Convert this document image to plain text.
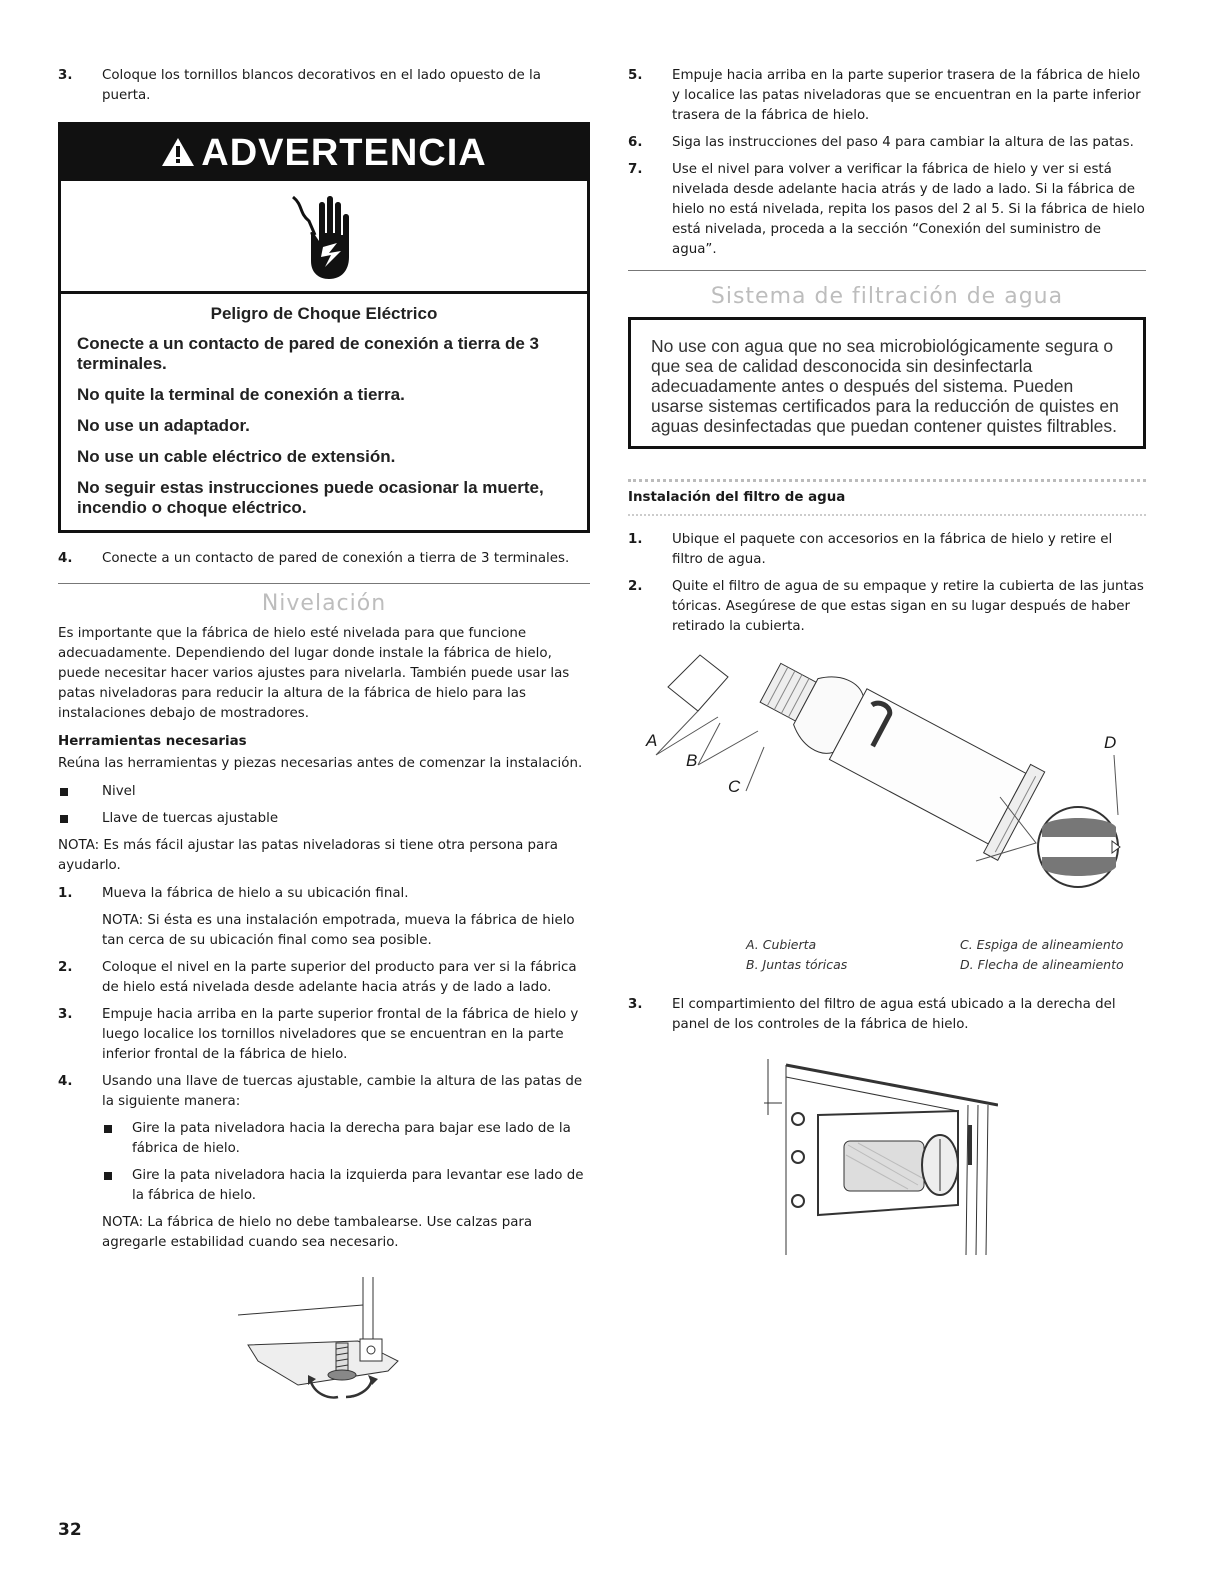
3. Coloque los tornillos blancos decorativos en el lado opuesto de la puerta.

ADVERTENCIA
Peligro de Choque Eléctrico

Conecte a un contacto de pared de conexión a tierra de 3 terminales.

No quite la terminal de conexión a tierra.

No use un adaptador.

No use un cable eléctrico de extensión.

No seguir estas instrucciones puede ocasionar la muerte, incendio o choque eléctrico.

4. Conecte a un contacto de pared de conexión a tierra de 3 terminales.

Nivelación

Es importante que la fábrica de hielo esté nivelada para que funcione adecuadamente. Dependiendo del lugar donde instale la fábrica de hielo, puede necesitar hacer varios ajustes para nivelarla. También puede usar las patas niveladoras para reducir la altura de la fábrica de hielo para las instalaciones debajo de mostradores.

Herramientas necesarias

Reúna las herramientas y piezas necesarias antes de comenzar la instalación.

Nivel
Llave de tuercas ajustable

NOTA: Es más fácil ajustar las patas niveladoras si tiene otra persona para ayudarlo.

1. Mueva la fábrica de hielo a su ubicación final.

NOTA: Si ésta es una instalación empotrada, mueva la fábrica de hielo tan cerca de su ubicación final como sea posible.

2. Coloque el nivel en la parte superior del producto para ver si la fábrica de hielo está nivelada desde adelante hacia atrás y de lado a lado.

3. Empuje hacia arriba en la parte superior frontal de la fábrica de hielo y luego localice los tornillos niveladores que se encuentran en la parte inferior frontal de la fábrica de hielo.

4. Usando una llave de tuercas ajustable, cambie la altura de las patas de la siguiente manera:

Gire la pata niveladora hacia la derecha para bajar ese lado de la fábrica de hielo.
Gire la pata niveladora hacia la izquierda para levantar ese lado de la fábrica de hielo.

NOTA: La fábrica de hielo no debe tambalearse. Use calzas para agregarle estabilidad cuando sea necesario.

5. Empuje hacia arriba en la parte superior trasera de la fábrica de hielo y localice las patas niveladoras que se encuentran en la parte inferior trasera de la fábrica de hielo.

6. Siga las instrucciones del paso 4 para cambiar la altura de las patas.

7. Use el nivel para volver a verificar la fábrica de hielo y ver si está nivelada desde adelante hacia atrás y de lado a lado. Si la fábrica de hielo no está nivelada, repita los pasos del 2 al 5. Si la fábrica de hielo está nivelada, proceda a la sección “Conexión del suministro de agua”.

Sistema de filtración de agua
No use con agua que no sea microbiológicamente segura o que sea de calidad desconocida sin desinfectarla adecuadamente antes o después del sistema. Pueden usarse sistemas certificados para la reducción de quistes en aguas desinfectadas que puedan contener quistes filtrables.
Instalación del filtro de agua
1. Ubique el paquete con accesorios en la fábrica de hielo y retire el filtro de agua.

2. Quite el filtro de agua de su empaque y retire la cubierta de las juntas tóricas. Asegúrese de que estas sigan en su lugar después de haber retirado la cubierta.

A
B
C
D
A. Cubierta	C. Espiga de alineamiento
B. Juntas tóricas	D. Flecha de alineamiento
3. El compartimiento del filtro de agua está ubicado a la derecha del panel de los controles de la fábrica de hielo.

32
